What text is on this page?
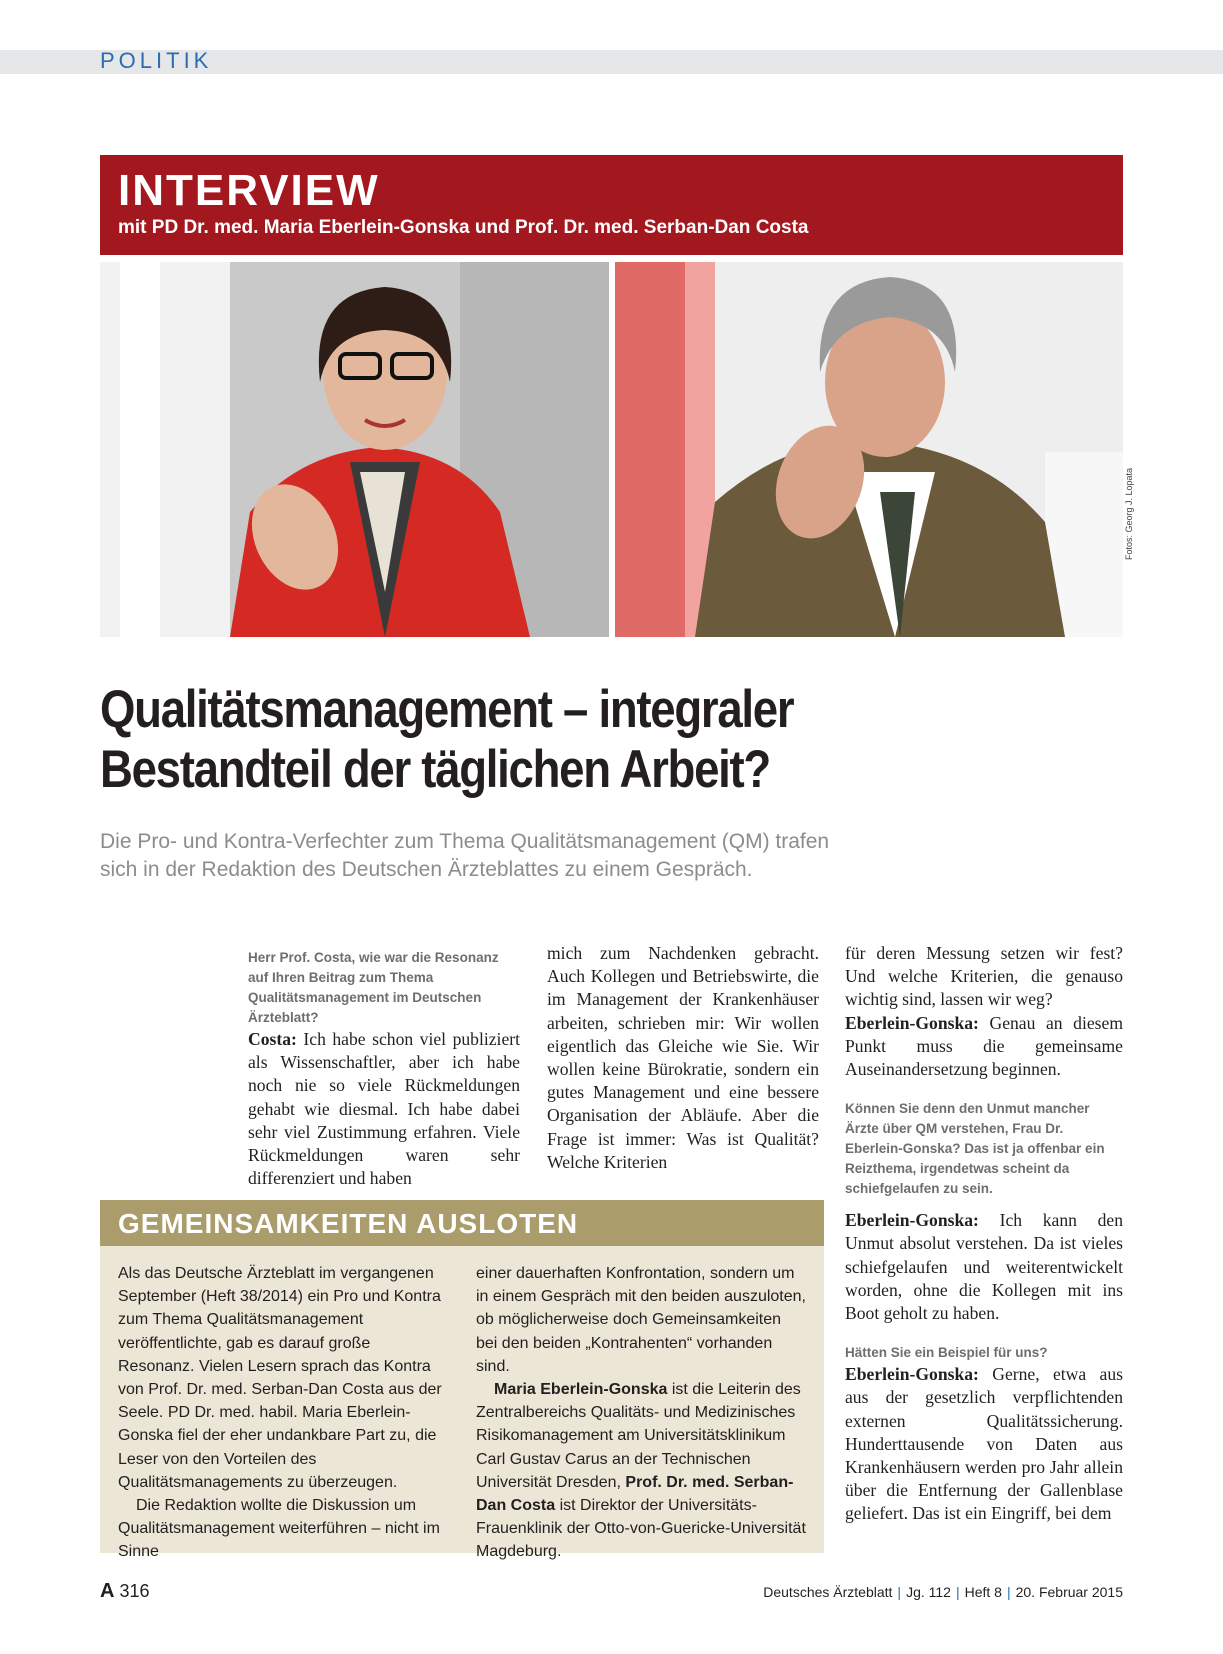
POLITIK
INTERVIEW
mit PD Dr. med. Maria Eberlein-Gonska und Prof. Dr. med. Serban-Dan Costa
Fotos: Georg J. Lopata
Qualitätsmanagement – integraler
Bestandteil der täglichen Arbeit?
Die Pro- und Kontra-Verfechter zum Thema Qualitätsmanagement (QM) trafen
sich in der Redaktion des Deutschen Ärzteblattes zu einem Gespräch.

Herr Prof. Costa, wie war die Resonanz auf Ihren Beitrag zum Thema Qualitätsmanagement im Deutschen Ärzteblatt?

Costa: Ich habe schon viel publiziert als Wissenschaftler, aber ich habe noch nie so viele Rückmeldungen gehabt wie diesmal. Ich habe dabei sehr viel Zustimmung erfahren. Viele Rückmeldungen waren sehr differenziert und haben

mich zum Nachdenken gebracht. Auch Kollegen und Betriebswirte, die im Management der Krankenhäuser arbeiten, schrieben mir: Wir wollen eigentlich das Gleiche wie Sie. Wir wollen keine Bürokratie, sondern ein gutes Management und eine bessere Organisation der Abläufe. Aber die Frage ist immer: Was ist Qualität? Welche Kriterien

für deren Messung setzen wir fest? Und welche Kriterien, die genauso wichtig sind, lassen wir weg?

Eberlein-Gonska: Genau an diesem Punkt muss die gemeinsame Auseinandersetzung beginnen.

Können Sie denn den Unmut mancher Ärzte über QM verstehen, Frau Dr. Eberlein-Gonska? Das ist ja offenbar ein Reizthema, irgendetwas scheint da schiefgelaufen zu sein.

Eberlein-Gonska: Ich kann den Unmut absolut verstehen. Da ist vieles schiefgelaufen und weiterentwickelt worden, ohne die Kollegen mit ins Boot geholt zu haben.

Hätten Sie ein Beispiel für uns?

Eberlein-Gonska: Gerne, etwa aus aus der gesetzlich verpflichtenden externen Qualitätssicherung. Hunderttausende von Daten aus Krankenhäusern werden pro Jahr allein über die Entfernung der Gallenblase geliefert. Das ist ein Eingriff, bei dem

GEMEINSAMKEITEN AUSLOTEN

Als das Deutsche Ärzteblatt im vergangenen September (Heft 38/2014) ein Pro und Kontra zum Thema Qualitätsmanagement veröffentlichte, gab es darauf große Resonanz. Vielen Lesern sprach das Kontra von Prof. Dr. med. Serban-Dan Costa aus der Seele. PD Dr. med. habil. Maria Eberlein-Gonska fiel der eher undankbare Part zu, die Leser von den Vorteilen des Qualitätsmanagements zu überzeugen.

Die Redaktion wollte die Diskussion um Qualitätsmanagement weiterführen – nicht im Sinne

einer dauerhaften Konfrontation, sondern um in einem Gespräch mit den beiden auszuloten, ob möglicherweise doch Gemeinsamkeiten bei den beiden „Kontrahenten“ vorhanden sind.

Maria Eberlein-Gonska ist die Leiterin des Zentralbereichs Qualitäts- und Medizinisches Risikomanagement am Universitätsklinikum Carl Gustav Carus an der Technischen Universität Dresden, Prof. Dr. med. Serban-Dan Costa ist Direktor der Universitäts-Frauenklinik der Otto-von-Guericke-Universität Magdeburg.

A 316	Deutsches Ärzteblatt | Jg. 112 | Heft 8 | 20. Februar 2015
